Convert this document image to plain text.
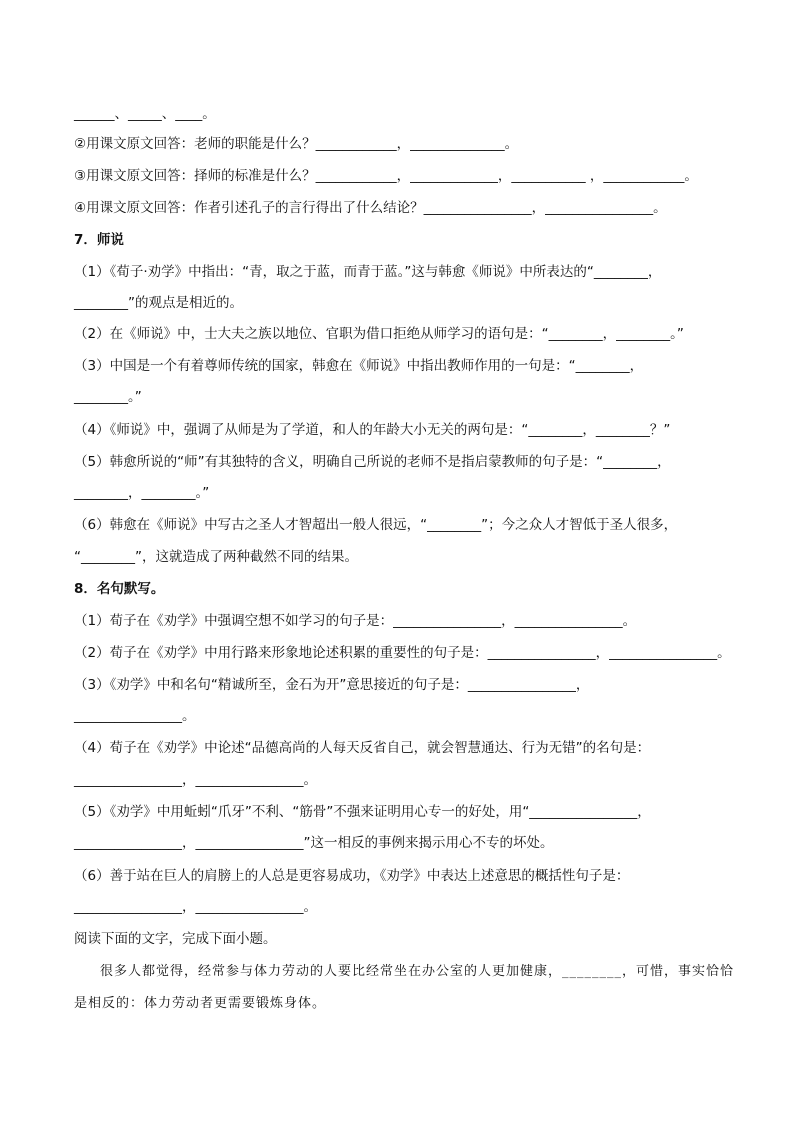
______、_____、____。
②用课文原文回答：老师的职能是什么？____________，______________。
③用课文原文回答：择师的标准是什么？____________，_____________，___________ ，____________。
④用课文原文回答：作者引述孔子的言行得出了什么结论？________________，________________。
7．师说
（1）《荀子·劝学》中指出：“青，取之于蓝，而青于蓝。”这与韩愈《师说》中所表达的“________，
________”的观点是相近的。
（2）在《师说》中，士大夫之族以地位、官职为借口拒绝从师学习的语句是：“________，________。”
（3）中国是一个有着尊师传统的国家，韩愈在《师说》中指出教师作用的一句是：“________，
________。”
（4）《师说》中，强调了从师是为了学道，和人的年龄大小无关的两句是：“________，________？”
（5）韩愈所说的“师”有其独特的含义，明确自己所说的老师不是指启蒙教师的句子是：“________，
________，________。”
（6）韩愈在《师说》中写古之圣人才智超出一般人很远，“________”；今之众人才智低于圣人很多，
“________”，这就造成了两种截然不同的结果。
8．名句默写。
（1）荀子在《劝学》中强调空想不如学习的句子是：________________，________________。
（2）荀子在《劝学》中用行路来形象地论述积累的重要性的句子是：________________，________________。
（3）《劝学》中和名句“精诚所至，金石为开”意思接近的句子是：________________，
________________。
（4）荀子在《劝学》中论述“品德高尚的人每天反省自己，就会智慧通达、行为无错”的名句是：
________________，________________。
（5）《劝学》中用蚯蚓“爪牙”不利、“筋骨”不强来证明用心专一的好处，用“________________，
________________，________________”这一相反的事例来揭示用心不专的坏处。
（6）善于站在巨人的肩膀上的人总是更容易成功，《劝学》中表达上述意思的概括性句子是：
________________，________________。
阅读下面的文字，完成下面小题。
很多人都觉得，经常参与体力劳动的人要比经常坐在办公室的人更加健康，________，可惜，事实恰恰
是相反的：体力劳动者更需要锻炼身体。
